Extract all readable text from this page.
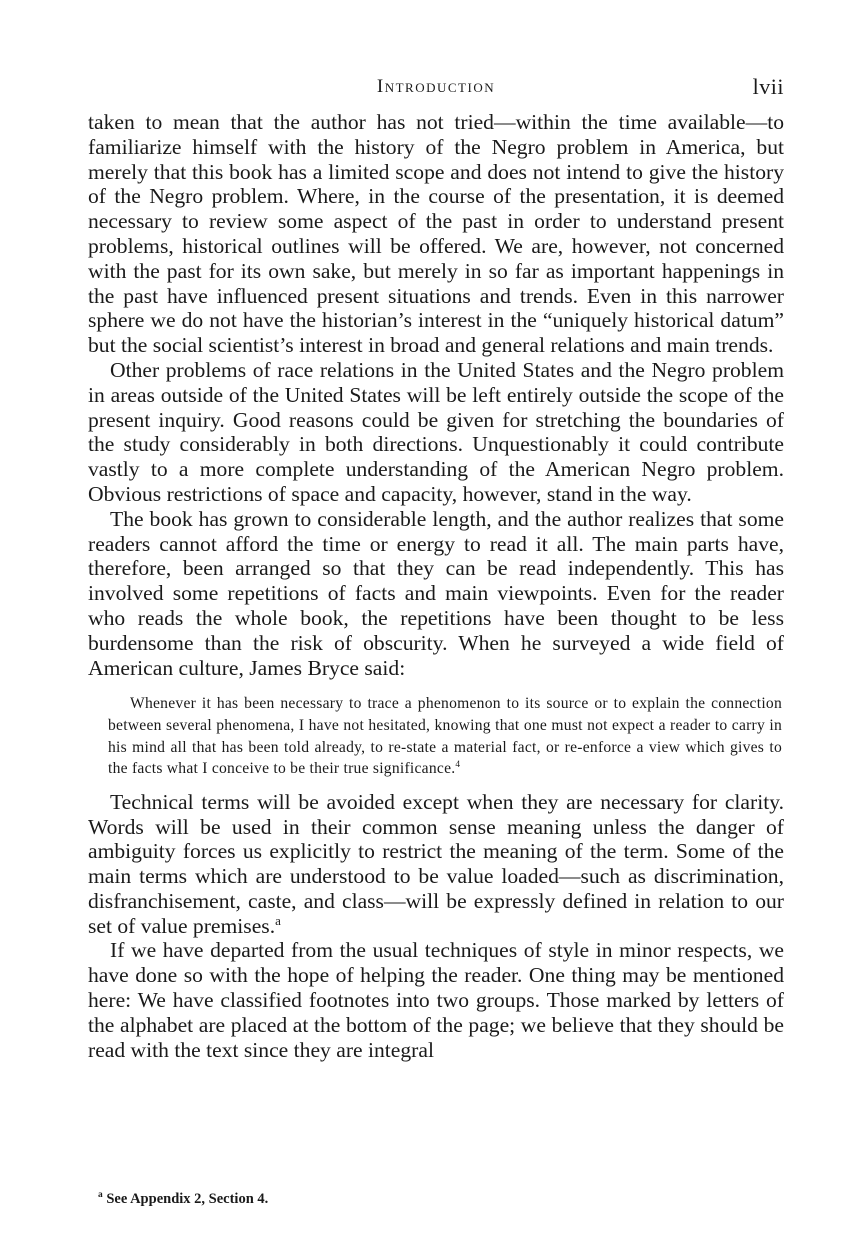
Introduction	lvii

taken to mean that the author has not tried—within the time available—to familiarize himself with the history of the Negro problem in America, but merely that this book has a limited scope and does not intend to give the history of the Negro problem. Where, in the course of the presentation, it is deemed necessary to review some aspect of the past in order to understand present problems, historical outlines will be offered. We are, however, not concerned with the past for its own sake, but merely in so far as important happenings in the past have influenced present situations and trends. Even in this narrower sphere we do not have the historian’s interest in the “uniquely historical datum” but the social scientist’s interest in broad and general relations and main trends.

Other problems of race relations in the United States and the Negro problem in areas outside of the United States will be left entirely outside the scope of the present inquiry. Good reasons could be given for stretching the boundaries of the study considerably in both directions. Unquestionably it could contribute vastly to a more complete understanding of the American Negro problem. Obvious restrictions of space and capacity, however, stand in the way.

The book has grown to considerable length, and the author realizes that some readers cannot afford the time or energy to read it all. The main parts have, therefore, been arranged so that they can be read independently. This has involved some repetitions of facts and main viewpoints. Even for the reader who reads the whole book, the repetitions have been thought to be less burdensome than the risk of obscurity. When he surveyed a wide field of American culture, James Bryce said:

Whenever it has been necessary to trace a phenomenon to its source or to explain the connection between several phenomena, I have not hesitated, knowing that one must not expect a reader to carry in his mind all that has been told already, to re-state a material fact, or re-enforce a view which gives to the facts what I conceive to be their true significance.$^4$

Technical terms will be avoided except when they are necessary for clarity. Words will be used in their common sense meaning unless the danger of ambiguity forces us explicitly to restrict the meaning of the term. Some of the main terms which are understood to be value loaded—such as discrimination, disfranchisement, caste, and class—will be expressly defined in relation to our set of value premises.$^a$

If we have departed from the usual techniques of style in minor respects, we have done so with the hope of helping the reader. One thing may be mentioned here: We have classified footnotes into two groups. Those marked by letters of the alphabet are placed at the bottom of the page; we believe that they should be read with the text since they are integral

$^a$ See Appendix 2, Section 4.
